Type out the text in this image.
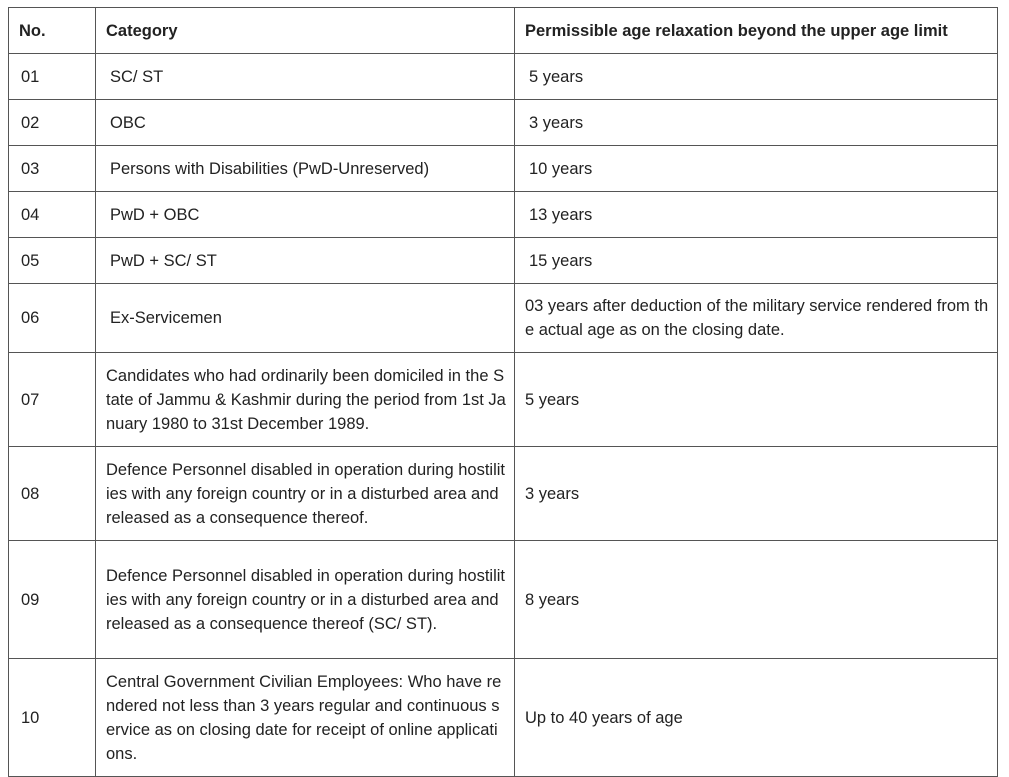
No.	Category	Permissible age relaxation beyond the upper age limit
01	SC/ ST	5 years
02	OBC	3 years
03	Persons with Disabilities (PwD-Unreserved)	10 years
04	PwD + OBC	13 years
05	PwD + SC/ ST	15 years
06	Ex-Servicemen	03 years after deduction of the military service rendered from the actual age as on the closing date.
07	Candidates who had ordinarily been domiciled in the State of Jammu & Kashmir during the period from 1st January 1980 to 31st December 1989.	5 years
08	Defence Personnel disabled in operation during hostilities with any foreign country or in a disturbed area and released as a consequence thereof.	3 years
09	Defence Personnel disabled in operation during hostilities with any foreign country or in a disturbed area and released as a consequence thereof (SC/ ST).	8 years
10	Central Government Civilian Employees: Who have rendered not less than 3 years regular and continuous service as on closing date for receipt of online applications.	Up to 40 years of age
